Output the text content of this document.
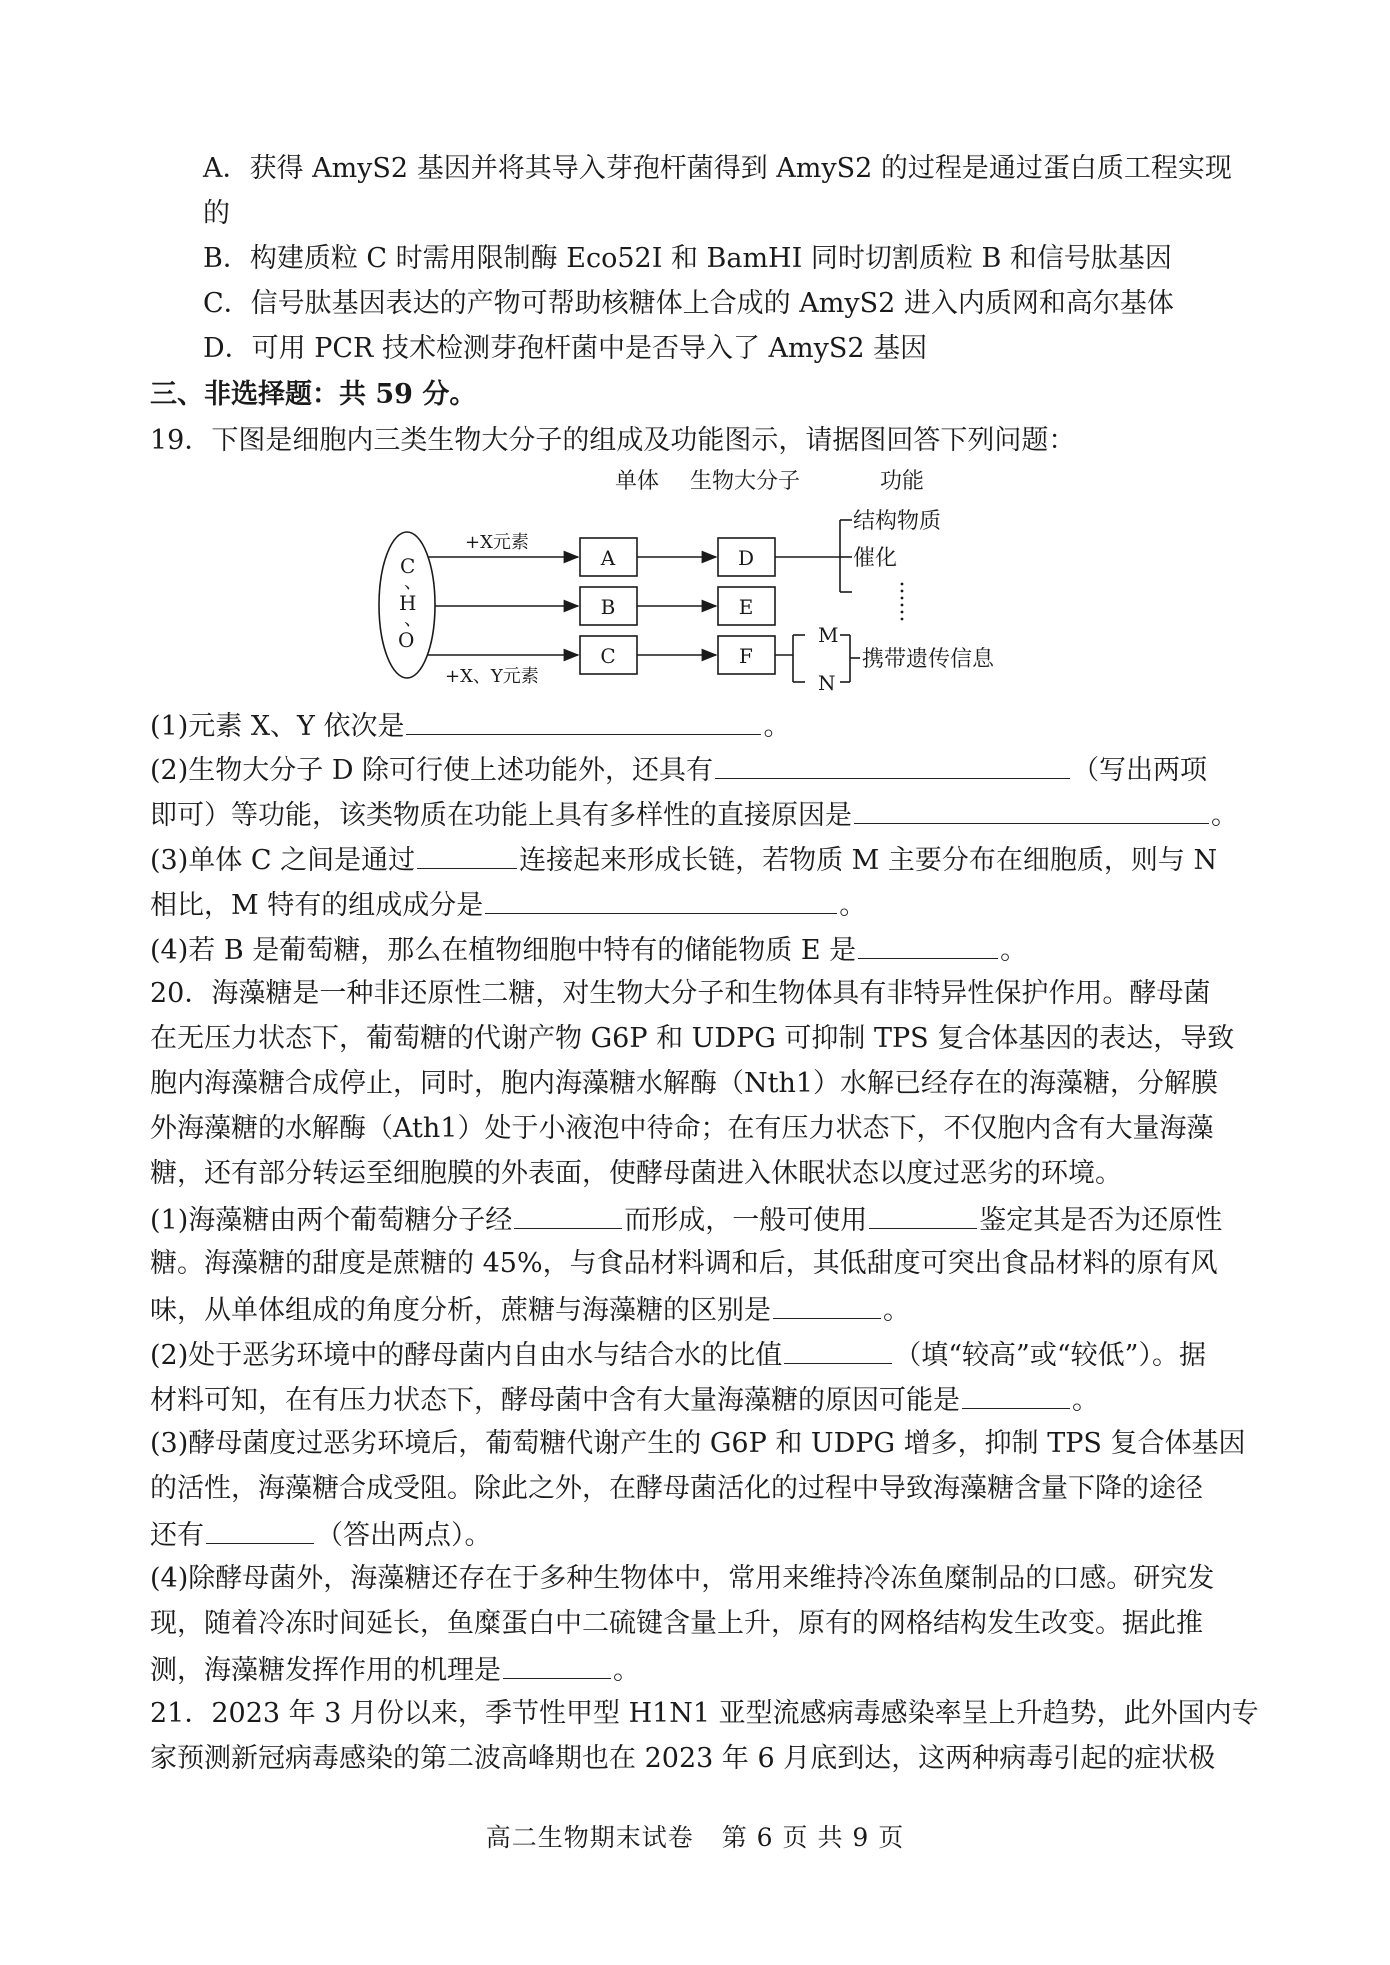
A．获得 AmyS2 基因并将其导入芽孢杆菌得到 AmyS2 的过程是通过蛋白质工程实现
的
B．构建质粒 C 时需用限制酶 Eco52I 和 BamHI 同时切割质粒 B 和信号肽基因
C．信号肽基因表达的产物可帮助核糖体上合成的 AmyS2 进入内质网和高尔基体
D．可用 PCR 技术检测芽孢杆菌中是否导入了 AmyS2 基因
三、非选择题：共 59 分。
19．下图是细胞内三类生物大分子的组成及功能图示，请据图回答下列问题：
单体 生物大分子	功能
C
、
H
、
O
+X元素
+X、Y元素
A
B
C
D
E
F
结构物质
催化
M
N
携带遗传信息
(1)元素 X、Y 依次是	。
(2)生物大分子 D 除可行使上述功能外，还具有	（写出两项
即可）等功能，该类物质在功能上具有多样性的直接原因是	。
(3)单体 C 之间是通过	连接起来形成长链，若物质 M 主要分布在细胞质，则与 N
相比，M 特有的组成成分是	。
(4)若 B 是葡萄糖，那么在植物细胞中特有的储能物质 E 是	。
20．海藻糖是一种非还原性二糖，对生物大分子和生物体具有非特异性保护作用。酵母菌
在无压力状态下，葡萄糖的代谢产物 G6P 和 UDPG 可抑制 TPS 复合体基因的表达，导致
胞内海藻糖合成停止，同时，胞内海藻糖水解酶（Nth1）水解已经存在的海藻糖，分解膜
外海藻糖的水解酶（Ath1）处于小液泡中待命；在有压力状态下，不仅胞内含有大量海藻
糖，还有部分转运至细胞膜的外表面，使酵母菌进入休眠状态以度过恶劣的环境。
(1)海藻糖由两个葡萄糖分子经	而形成，一般可使用	鉴定其是否为还原性
糖。海藻糖的甜度是蔗糖的 45%，与食品材料调和后，其低甜度可突出食品材料的原有风
味，从单体组成的角度分析，蔗糖与海藻糖的区别是	。
(2)处于恶劣环境中的酵母菌内自由水与结合水的比值	（填“较高”或“较低”）。据
材料可知，在有压力状态下，酵母菌中含有大量海藻糖的原因可能是	。
(3)酵母菌度过恶劣环境后，葡萄糖代谢产生的 G6P 和 UDPG 增多，抑制 TPS 复合体基因
的活性，海藻糖合成受阻。除此之外，在酵母菌活化的过程中导致海藻糖含量下降的途径
还有	（答出两点）。
(4)除酵母菌外，海藻糖还存在于多种生物体中，常用来维持冷冻鱼糜制品的口感。研究发
现，随着冷冻时间延长，鱼糜蛋白中二硫键含量上升，原有的网格结构发生改变。据此推
测，海藻糖发挥作用的机理是	。
21．2023 年 3 月份以来，季节性甲型 H1N1 亚型流感病毒感染率呈上升趋势，此外国内专
家预测新冠病毒感染的第二波高峰期也在 2023 年 6 月底到达，这两种病毒引起的症状极
高二生物期末试卷 第 6 页 共 9 页
